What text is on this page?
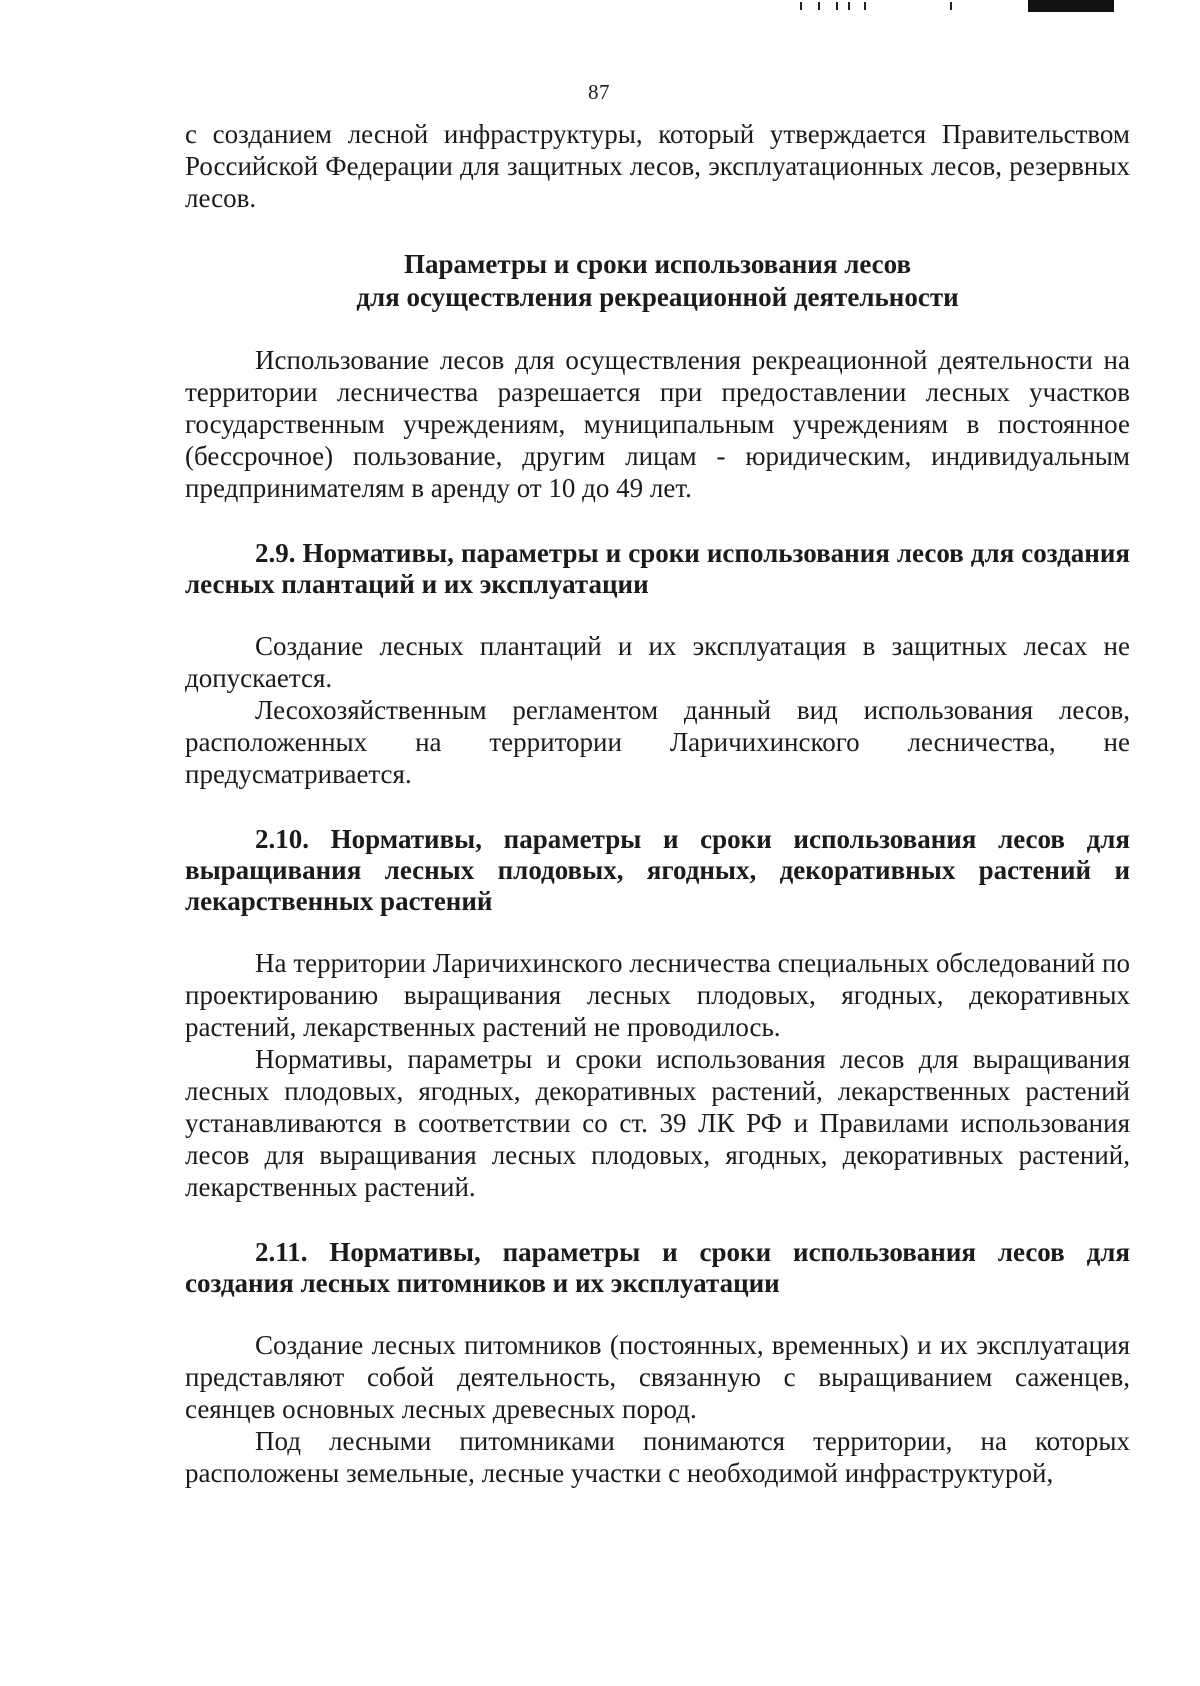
87

с созданием лесной инфраструктуры, который утверждается Правительством Российской Федерации для защитных лесов, эксплуатационных лесов, резервных лесов.

Параметры и сроки использования лесов
для осуществления рекреационной деятельности

Использование лесов для осуществления рекреационной деятельности на территории лесничества разрешается при предоставлении лесных участков государственным учреждениям, муниципальным учреждениям в постоянное (бессрочное) пользование, другим лицам - юридическим, индивидуальным предпринимателям в аренду от 10 до 49 лет.

2.9. Нормативы, параметры и сроки использования лесов для создания лесных плантаций и их эксплуатации

Создание лесных плантаций и их эксплуатация в защитных лесах не допускается.

Лесохозяйственным регламентом данный вид использования лесов, расположенных на территории Ларичихинского лесничества, не предусматривается.

2.10. Нормативы, параметры и сроки использования лесов для выращивания лесных плодовых, ягодных, декоративных растений и лекарственных растений

На территории Ларичихинского лесничества специальных обследований по проектированию выращивания лесных плодовых, ягодных, декоративных растений, лекарственных растений не проводилось.

Нормативы, параметры и сроки использования лесов для выращивания лесных плодовых, ягодных, декоративных растений, лекарственных растений устанавливаются в соответствии со ст. 39 ЛК РФ и Правилами использования лесов для выращивания лесных плодовых, ягодных, декоративных растений, лекарственных растений.

2.11. Нормативы, параметры и сроки использования лесов для создания лесных питомников и их эксплуатации

Создание лесных питомников (постоянных, временных) и их эксплуатация представляют собой деятельность, связанную с выращиванием саженцев, сеянцев основных лесных древесных пород.

Под лесными питомниками понимаются территории, на которых расположены земельные, лесные участки с необходимой инфраструктурой,
